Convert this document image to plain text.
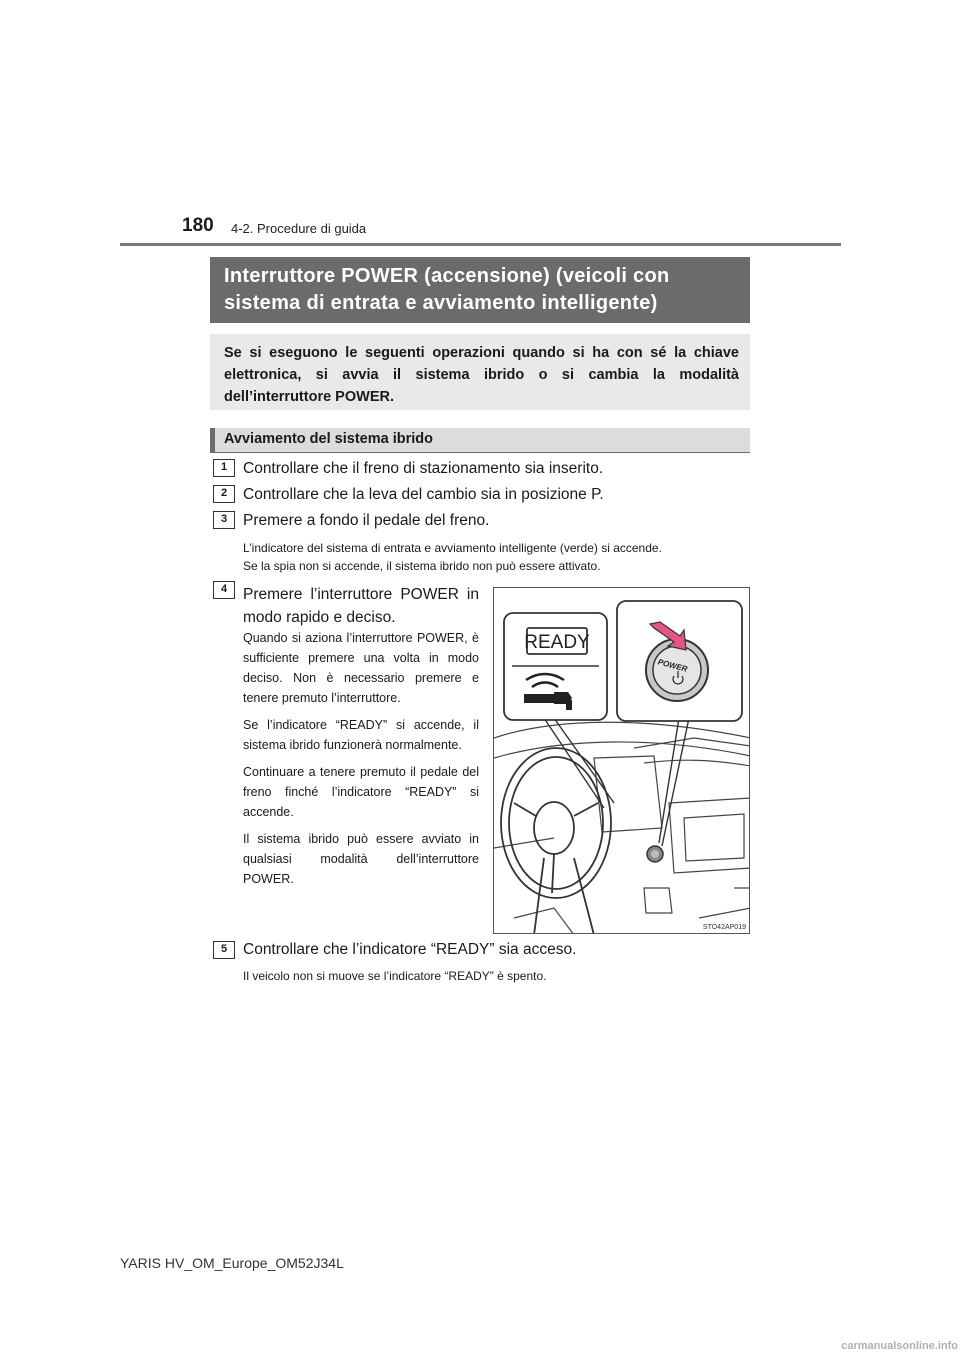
180 4-2. Procedure di guida
Interruttore POWER (accensione) (veicoli con
sistema di entrata e avviamento intelligente)
Se si eseguono le seguenti operazioni quando si ha con sé la chiave elettronica, si avvia il sistema ibrido o si cambia la modalità dell’interruttore POWER.
Avviamento del sistema ibrido
1	Controllare che il freno di stazionamento sia inserito.
2	Controllare che la leva del cambio sia in posizione P.
3	Premere a fondo il pedale del freno.
L’indicatore del sistema di entrata e avviamento intelligente (verde) si accende.
Se la spia non si accende, il sistema ibrido non può essere attivato.
4	Premere l’interruttore POWER in modo rapido e deciso.

Quando si aziona l’interruttore POWER, è sufficiente premere una volta in modo deciso. Non è necessario premere e tenere premuto l’interruttore.

Se l’indicatore “READY” si accende, il sistema ibrido funzionerà normalmente.

Continuare a tenere premuto il pedale del freno finché l’indicatore “READY” si accende.

Il sistema ibrido può essere avviato in qualsiasi modalità dell’interruttore POWER.

READY
POWER
STO42AP019
5	Controllare che l’indicatore “READY” sia acceso.
Il veicolo non si muove se l’indicatore “READY” è spento.
YARIS HV_OM_Europe_OM52J34L
carmanualsonline.info
